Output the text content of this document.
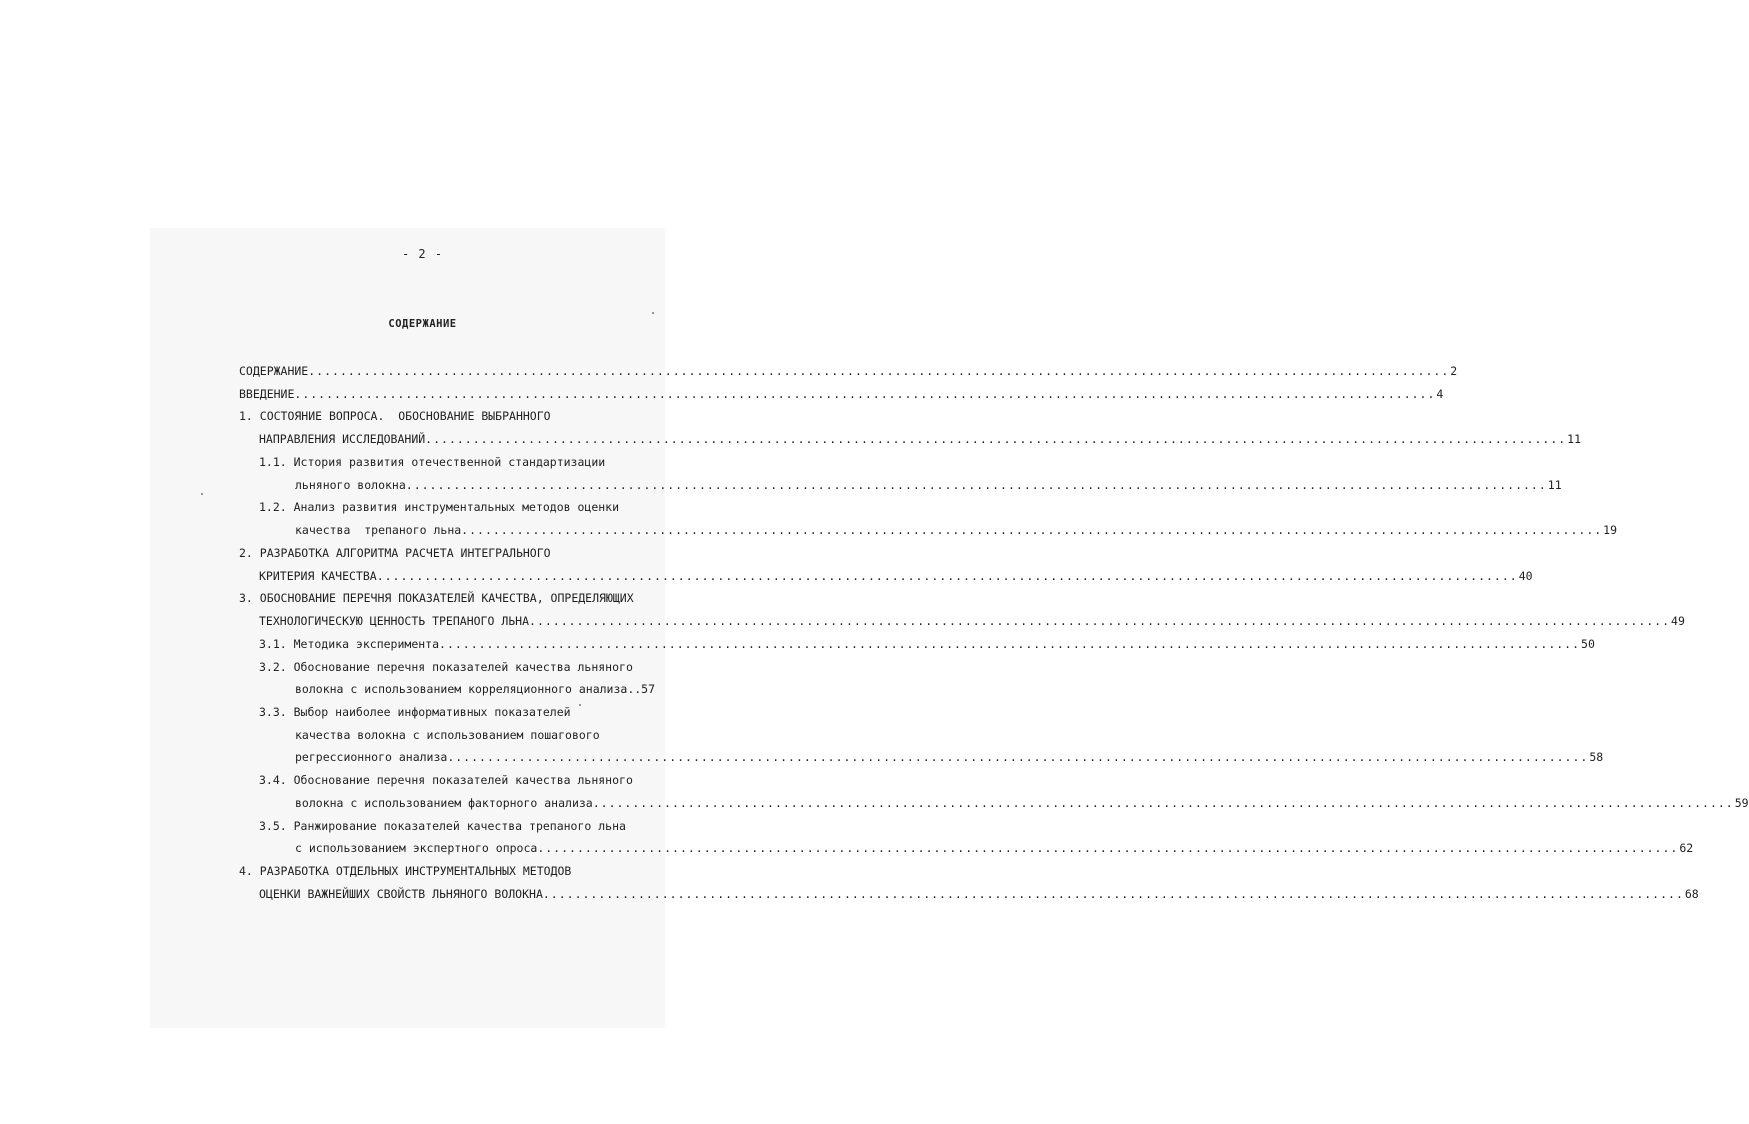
- 2 -
СОДЕРЖАНИЕ
СОДЕРЖАНИЕ ................................................................................................................................................ 2
ВВЕДЕНИЕ ................................................................................................................................................ 4
1. СОСТОЯНИЕ ВОПРОСА.  ОБОСНОВАНИЕ ВЫБРАННОГО
НАПРАВЛЕНИЯ ИССЛЕДОВАНИЙ ................................................................................................................................................ 11
1.1. История развития отечественной стандартизации
льняного волокна ................................................................................................................................................ 11
1.2. Анализ развития инструментальных методов оценки
качества  трепаного льна ................................................................................................................................................ 19
2. РАЗРАБОТКА АЛГОРИТМА РАСЧЕТА ИНТЕГРАЛЬНОГО
КРИТЕРИЯ КАЧЕСТВА ................................................................................................................................................ 40
3. ОБОСНОВАНИЕ ПЕРЕЧНЯ ПОКАЗАТЕЛЕЙ КАЧЕСТВА, ОПРЕДЕЛЯЮЩИХ
ТЕХНОЛОГИЧЕСКУЮ ЦЕННОСТЬ ТРЕПАНОГО ЛЬНА ................................................................................................................................................ 49
3.1. Методика эксперимента ................................................................................................................................................ 50
3.2. Обоснование перечня показателей качества льняного
волокна с использованием корреляционного анализа..57
3.3. Выбор наиболее информативных показателей
качества волокна с использованием пошагового
регрессионного анализа ................................................................................................................................................ 58
3.4. Обоснование перечня показателей качества льняного
волокна с использованием факторного анализа ................................................................................................................................................ 59
3.5. Ранжирование показателей качества трепаного льна
с использованием экспертного опроса ................................................................................................................................................ 62
4. РАЗРАБОТКА ОТДЕЛЬНЫХ ИНСТРУМЕНТАЛЬНЫХ МЕТОДОВ
ОЦЕНКИ ВАЖНЕЙШИХ СВОЙСТВ ЛЬНЯНОГО ВОЛОКНА ................................................................................................................................................ 68
